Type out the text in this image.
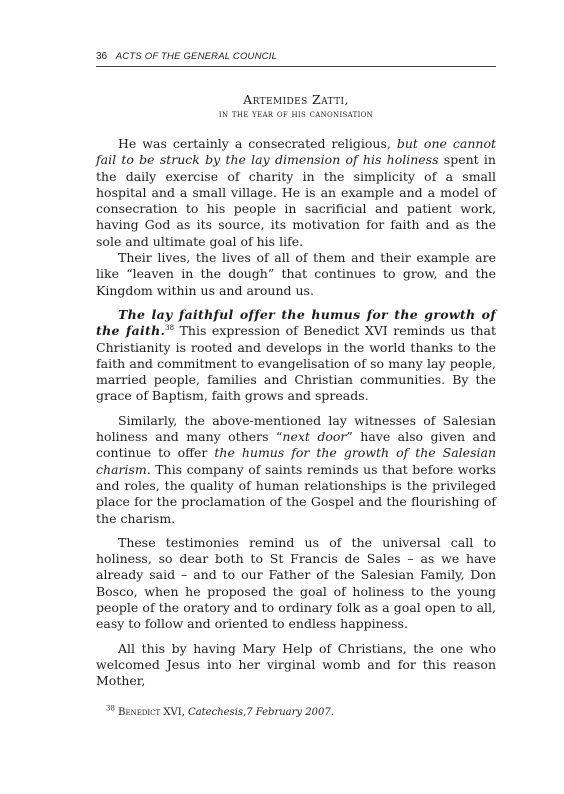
36 ACTS OF THE GENERAL COUNCIL
Artemides Zatti,
in the year of his canonisation

He was certainly a consecrated religious, but one cannot fail to be struck by the lay dimension of his holiness spent in the daily exercise of charity in the simplicity of a small hospital and a small village. He is an example and a model of consecration to his people in sacrificial and patient work, having God as its source, its motivation for faith and as the sole and ultimate goal of his life.

Their lives, the lives of all of them and their example are like “leaven in the dough” that continues to grow, and the Kingdom within us and around us.

The lay faithful offer the humus for the growth of the faith.$^{38}$ This expression of Benedict XVI reminds us that Christianity is rooted and develops in the world thanks to the faith and commitment to evangelisation of so many lay people, married people, families and Christian communities. By the grace of Baptism, faith grows and spreads.

Similarly, the above-mentioned lay witnesses of Salesian holiness and many others “next door” have also given and continue to offer the humus for the growth of the Salesian charism. This company of saints reminds us that before works and roles, the quality of human relationships is the privileged place for the proclamation of the Gospel and the flourishing of the charism.

These testimonies remind us of the universal call to holiness, so dear both to St Francis de Sales – as we have already said – and to our Father of the Salesian Family, Don Bosco, when he proposed the goal of holiness to the young people of the oratory and to ordinary folk as a goal open to all, easy to follow and oriented to endless happiness.

All this by having Mary Help of Christians, the one who welcomed Jesus into her virginal womb and for this reason Mother,

$^{38}$ Benedict XVI, Catechesis,7 February 2007.
